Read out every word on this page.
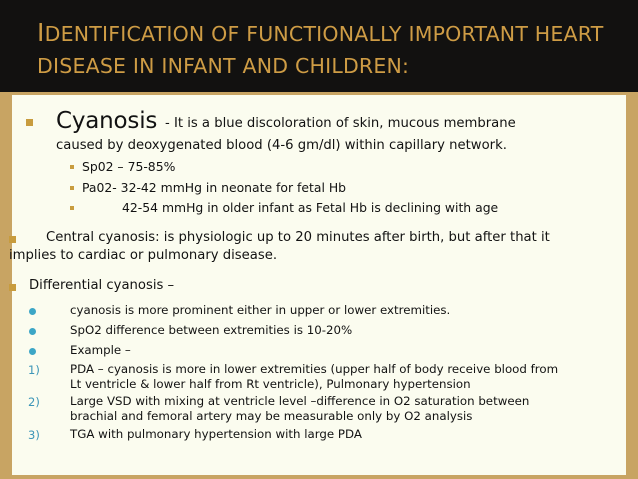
IDENTIFICATION OF FUNCTIONALLY IMPORTANT HEART
DISEASE IN INFANT AND CHILDREN:
Cyanosis - It is a blue discoloration of skin, mucous membrane
caused by deoxygenated blood (4-6 gm/dl) within capillary network.
Sp02 – 75-85%
Pa02- 32-42 mmHg in neonate for fetal Hb
42-54 mmHg in older infant as Fetal Hb is declining with age
Central cyanosis: is physiologic up to 20 minutes after birth, but after that it
implies to cardiac or pulmonary disease.
Differential cyanosis –
cyanosis is more prominent either in upper or lower extremities.
SpO2 difference between extremities is 10-20%
Example –
1)	PDA – cyanosis is more in lower extremities (upper half of body receive blood from
Lt ventricle & lower half from Rt ventricle), Pulmonary hypertension
2)	Large VSD with mixing at ventricle level –difference in O2 saturation between
brachial and femoral artery may be measurable only by O2 analysis
3)	TGA with pulmonary hypertension with large PDA
